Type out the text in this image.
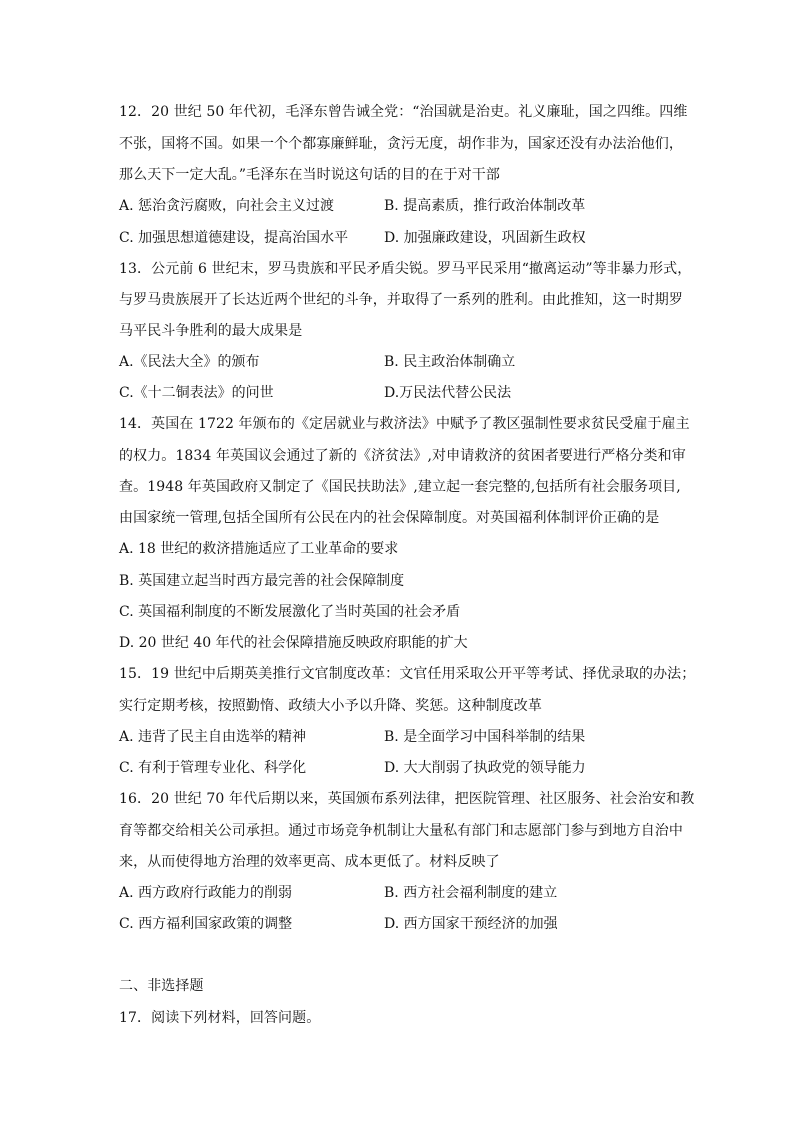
12．20 世纪 50 年代初，毛泽东曾告诫全党：“治国就是治吏。礼义廉耻，国之四维。四维
不张，国将不国。如果一个个都寡廉鲜耻，贪污无度，胡作非为，国家还没有办法治他们，
那么天下一定大乱。”毛泽东在当时说这句话的目的在于对干部
A. 惩治贪污腐败，向社会主义过渡	B. 提高素质，推行政治体制改革
C. 加强思想道德建设，提高治国水平	D. 加强廉政建设，巩固新生政权
13．公元前 6 世纪末，罗马贵族和平民矛盾尖锐。罗马平民采用“撤离运动”等非暴力形式，
与罗马贵族展开了长达近两个世纪的斗争，并取得了一系列的胜利。由此推知，这一时期罗
马平民斗争胜利的最大成果是
A.《民法大全》的颁布	B. 民主政治体制确立
C.《十二铜表法》的问世	D.万民法代替公民法
14．英国在 1722 年颁布的《定居就业与救济法》中赋予了教区强制性要求贫民受雇于雇主
的权力。1834 年英国议会通过了新的《济贫法》,对申请救济的贫困者要进行严格分类和审
查。1948 年英国政府又制定了《国民扶助法》,建立起一套完整的,包括所有社会服务项目,
由国家统一管理,包括全国所有公民在内的社会保障制度。对英国福利体制评价正确的是
A. 18 世纪的救济措施适应了工业革命的要求
B. 英国建立起当时西方最完善的社会保障制度
C. 英国福利制度的不断发展激化了当时英国的社会矛盾
D. 20 世纪 40 年代的社会保障措施反映政府职能的扩大
15．19 世纪中后期英美推行文官制度改革：文官任用采取公开平等考试、择优录取的办法；
实行定期考核，按照勤惰、政绩大小予以升降、奖惩。这种制度改革
A. 违背了民主自由选举的精神	B. 是全面学习中国科举制的结果
C. 有利于管理专业化、科学化	D. 大大削弱了执政党的领导能力
16．20 世纪 70 年代后期以来，英国颁布系列法律，把医院管理、社区服务、社会治安和教
育等都交给相关公司承担。通过市场竞争机制让大量私有部门和志愿部门参与到地方自治中
来，从而使得地方治理的效率更高、成本更低了。材料反映了
A. 西方政府行政能力的削弱	B. 西方社会福利制度的建立
C. 西方福利国家政策的调整	D. 西方国家干预经济的加强
二、非选择题
17．阅读下列材料，回答问题。
